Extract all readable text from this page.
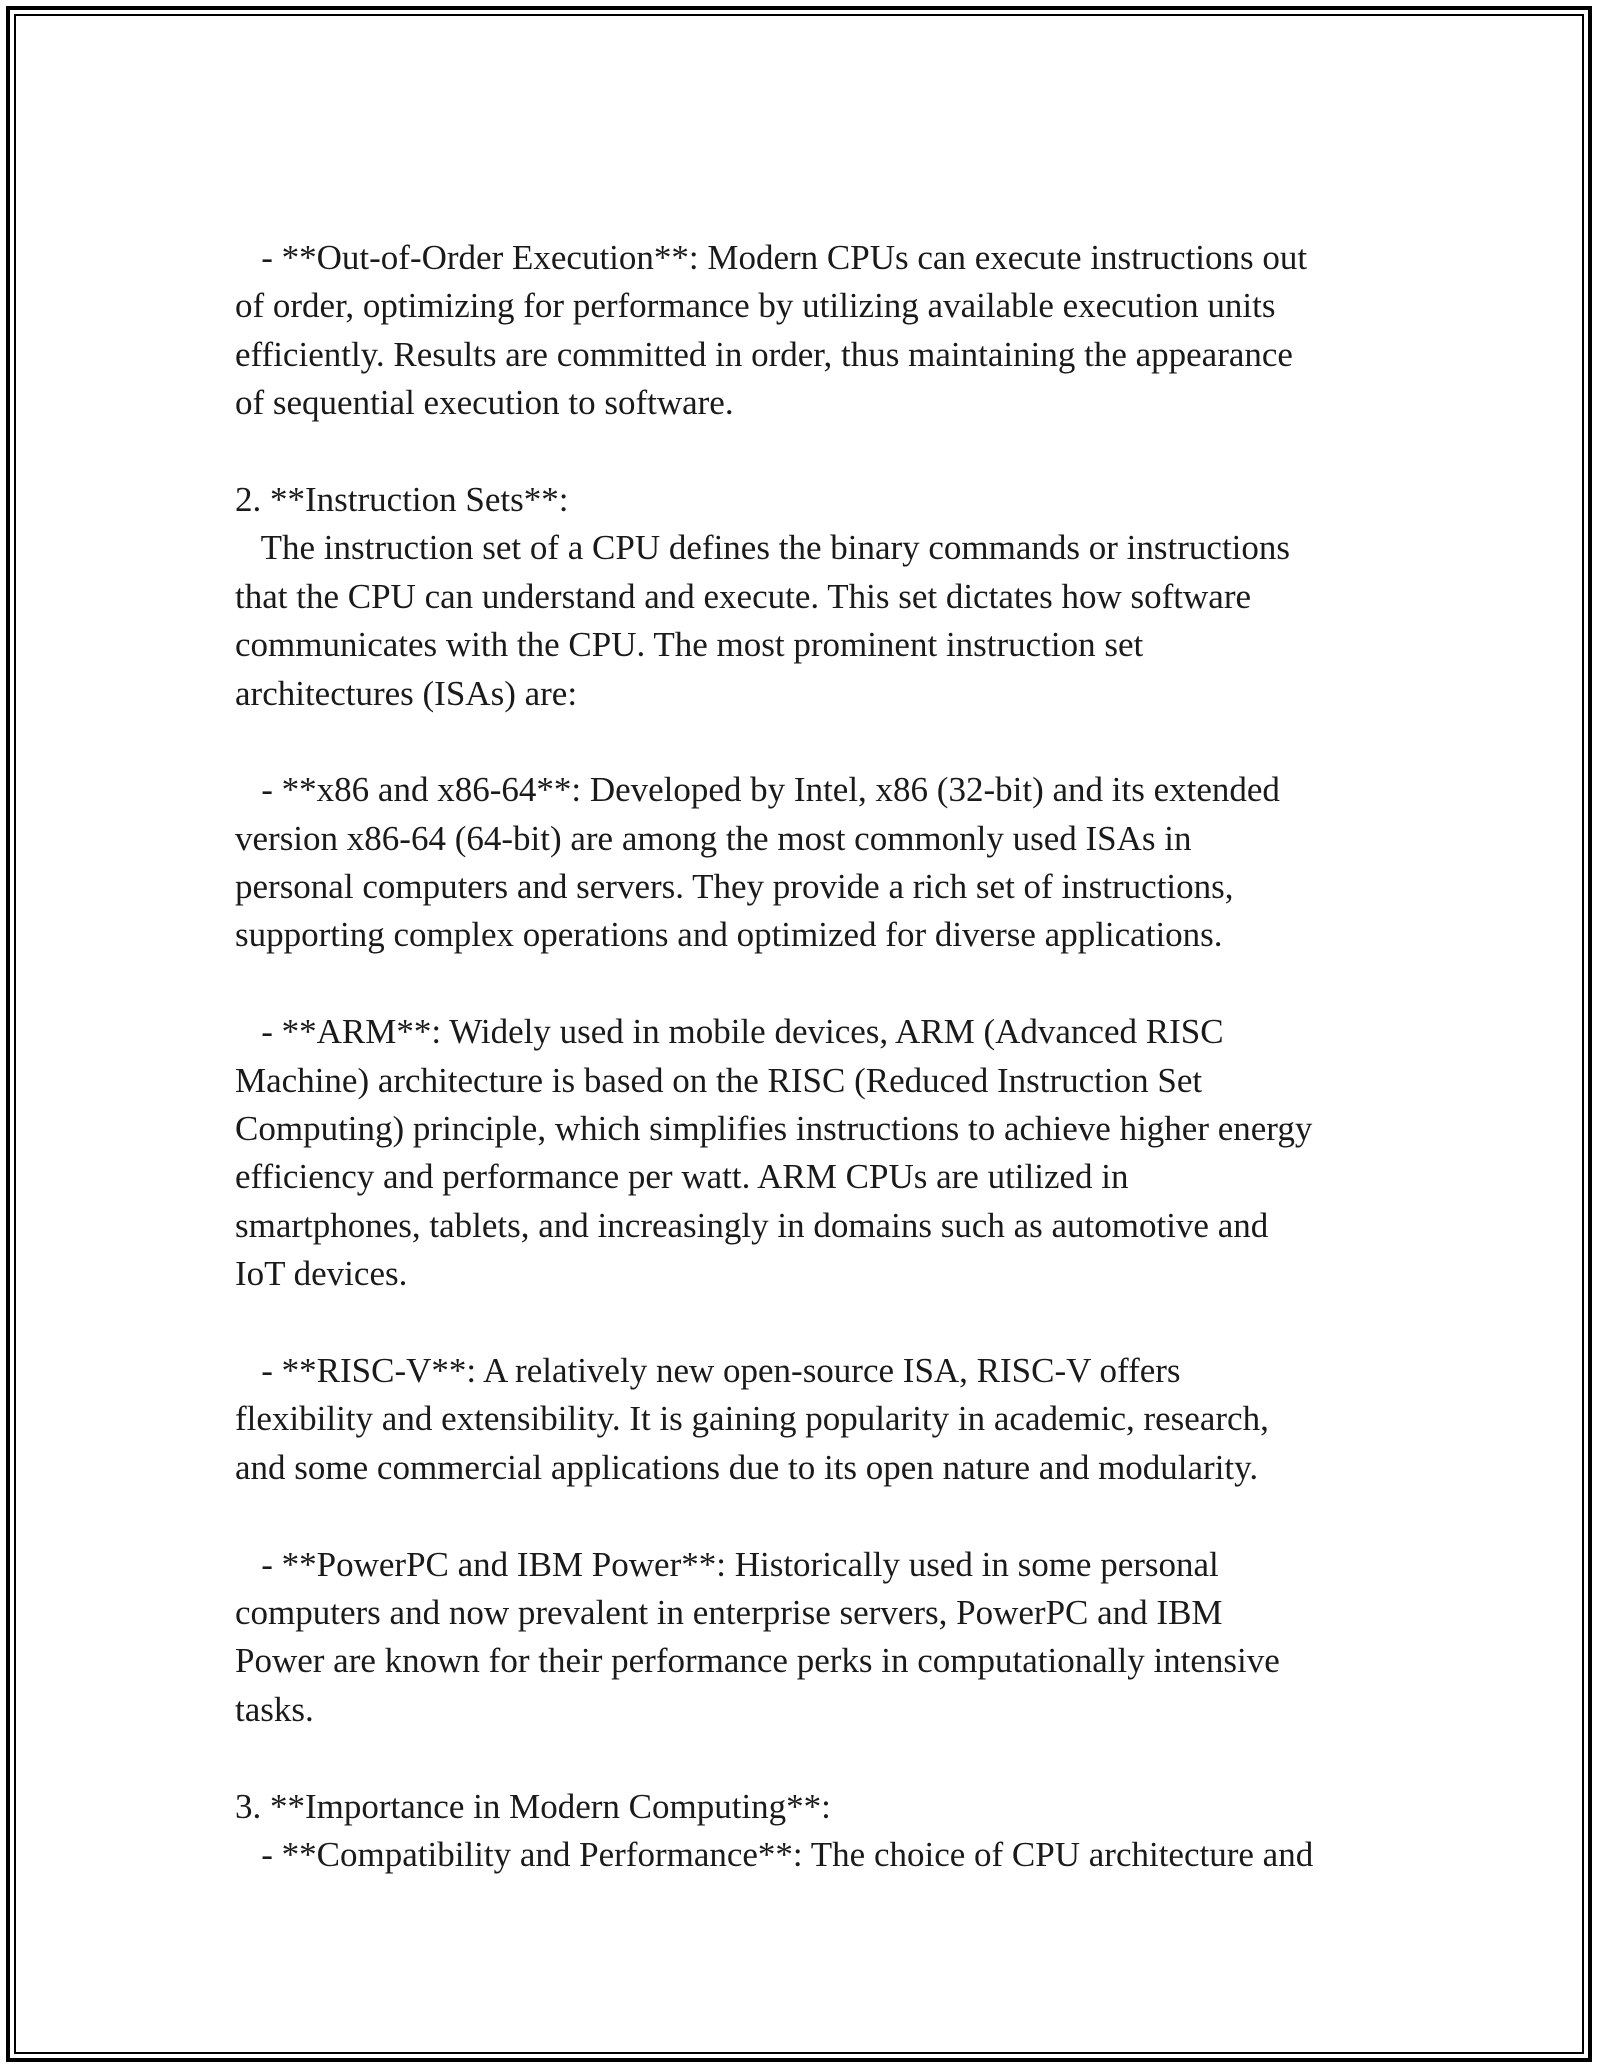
- **Out-of-Order Execution**: Modern CPUs can execute instructions out
of order, optimizing for performance by utilizing available execution units
efficiently. Results are committed in order, thus maintaining the appearance
of sequential execution to software.
2. **Instruction Sets**:
The instruction set of a CPU defines the binary commands or instructions
that the CPU can understand and execute. This set dictates how software
communicates with the CPU. The most prominent instruction set
architectures (ISAs) are:
- **x86 and x86-64**: Developed by Intel, x86 (32-bit) and its extended
version x86-64 (64-bit) are among the most commonly used ISAs in
personal computers and servers. They provide a rich set of instructions,
supporting complex operations and optimized for diverse applications.
- **ARM**: Widely used in mobile devices, ARM (Advanced RISC
Machine) architecture is based on the RISC (Reduced Instruction Set
Computing) principle, which simplifies instructions to achieve higher energy
efficiency and performance per watt. ARM CPUs are utilized in
smartphones, tablets, and increasingly in domains such as automotive and
IoT devices.
- **RISC-V**: A relatively new open-source ISA, RISC-V offers
flexibility and extensibility. It is gaining popularity in academic, research,
and some commercial applications due to its open nature and modularity.
- **PowerPC and IBM Power**: Historically used in some personal
computers and now prevalent in enterprise servers, PowerPC and IBM
Power are known for their performance perks in computationally intensive
tasks.
3. **Importance in Modern Computing**:
- **Compatibility and Performance**: The choice of CPU architecture and
